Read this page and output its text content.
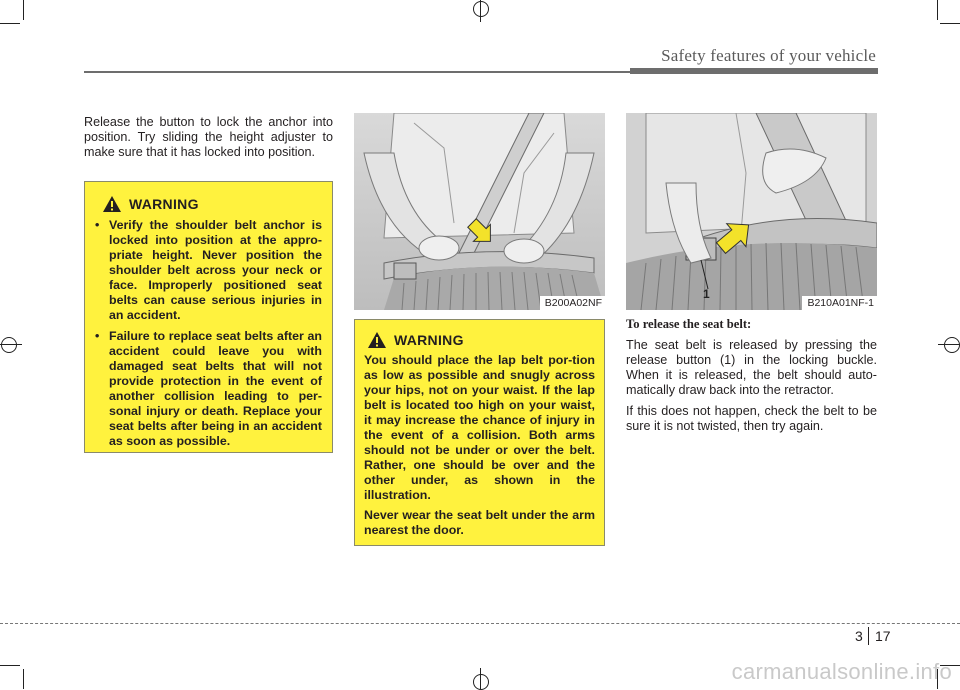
Safety features of your vehicle

Release the button to lock the anchor into position. Try sliding the height adjuster to make sure that it has locked into position.

WARNING
• Verify the shoulder belt anchor is locked into position at the appro-priate height. Never position the shoulder belt across your neck or face. Improperly positioned seat belts can cause serious injuries in an accident.
• Failure to replace seat belts after an accident could leave you with damaged seat belts that will not provide protection in the event of another collision leading to per-sonal injury or death. Replace your seat belts after being in an accident as soon as possible.
B200A02NF
WARNING

You should place the lap belt por-tion as low as possible and snugly across your hips, not on your waist. If the lap belt is located too high on your waist, it may increase the chance of injury in the event of a collision. Both arms should not be under or over the belt. Rather, one should be over and the other under, as shown in the illustration.

Never wear the seat belt under the arm nearest the door.

1
B210A01NF-1

To release the seat belt:

The seat belt is released by pressing the release button (1) in the locking buckle. When it is released, the belt should auto-matically draw back into the retractor.

If this does not happen, check the belt to be sure it is not twisted, then try again.

3 17
carmanualsonline.info
